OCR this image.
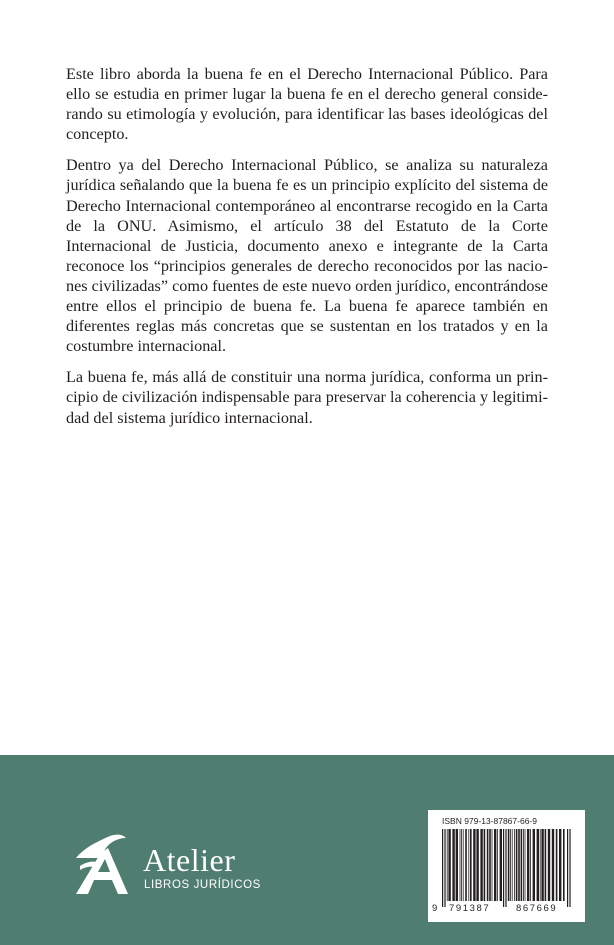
Este libro aborda la buena fe en el Derecho Internacional Público. Para ello se estudia en primer lugar la buena fe en el derecho general considerando su etimología y evolución, para identificar las bases ideológicas del concepto.

Dentro ya del Derecho Internacional Público, se analiza su naturaleza jurídica señalando que la buena fe es un principio explícito del sistema de Derecho Internacional contemporáneo al encontrarse recogido en la Carta de la ONU. Asimismo, el artículo 38 del Estatuto de la Corte Internacional de Justicia, documento anexo e integrante de la Carta reconoce los “principios generales de derecho reconocidos por las naciones civilizadas” como fuentes de este nuevo orden jurídico, encontrándose entre ellos el principio de buena fe. La buena fe aparece también en diferentes reglas más concretas que se sustentan en los tratados y en la costumbre internacional.

La buena fe, más allá de constituir una norma jurídica, conforma un principio de civilización indispensable para preservar la coherencia y legitimidad del sistema jurídico internacional.

Atelier
LIBROS JURÍDICOS
ISBN 979-13-87867-66-9
9 791387	867669
